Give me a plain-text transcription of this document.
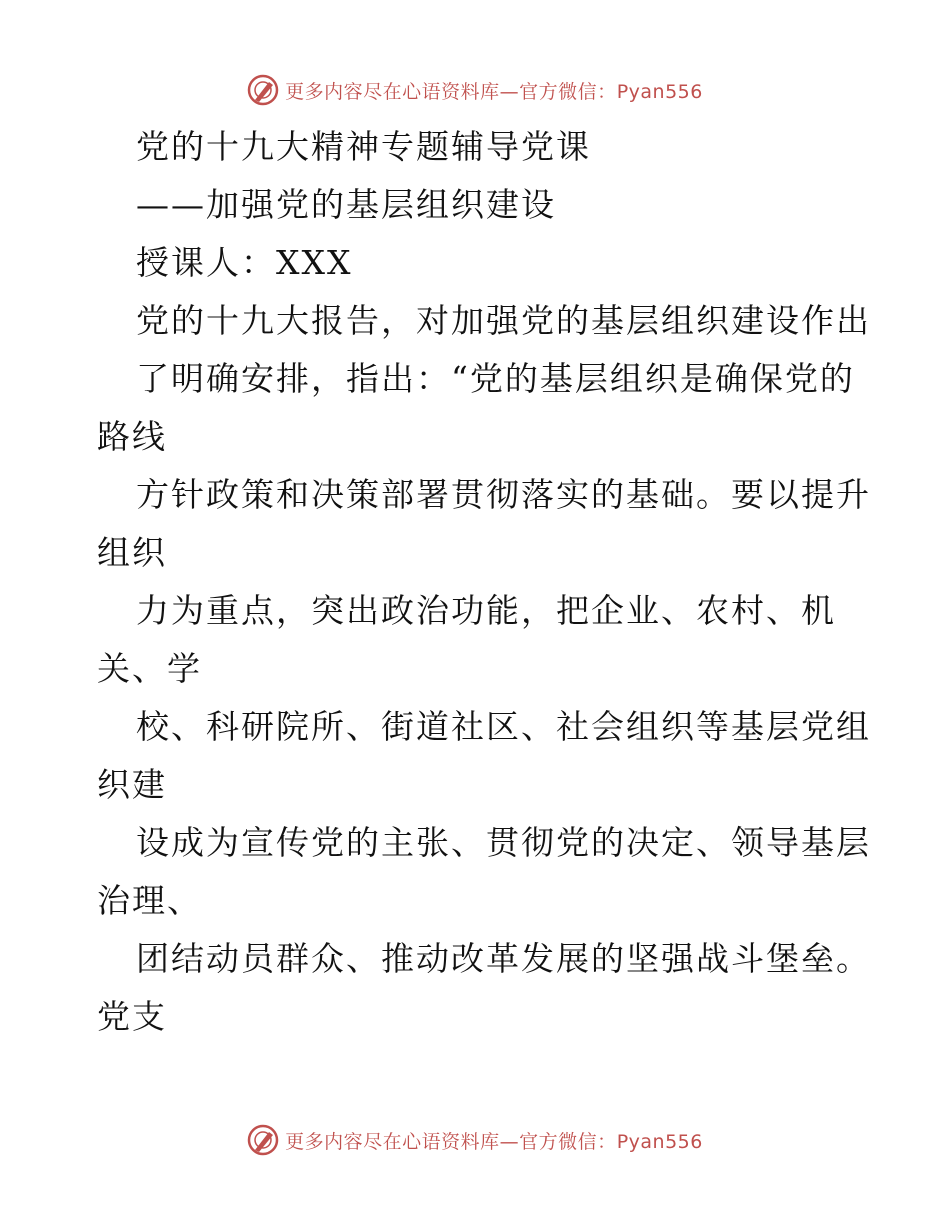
更多内容尽在心语资料库—官方微信：Pyan556
党的十九大精神专题辅导党课
——加强党的基层组织建设
授课人：XXX
党的十九大报告，对加强党的基层组织建设作出
了明确安排，指出：“党的基层组织是确保党的
路线
方针政策和决策部署贯彻落实的基础。要以提升
组织
力为重点，突出政治功能，把企业、农村、机
关、学
校、科研院所、街道社区、社会组织等基层党组
织建
设成为宣传党的主张、贯彻党的决定、领导基层
治理、
团结动员群众、推动改革发展的坚强战斗堡垒。
党支
更多内容尽在心语资料库—官方微信：Pyan556
